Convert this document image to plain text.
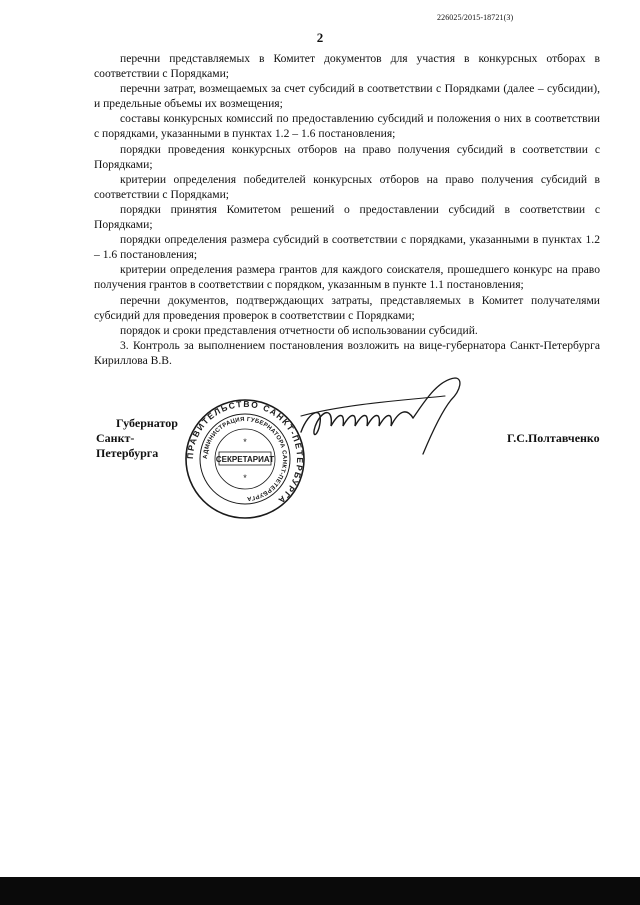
226025/2015-18721(3)
2
перечни представляемых в Комитет документов для участия в конкурсных отборах в соответствии с Порядками;
перечни затрат, возмещаемых за счет субсидий в соответствии с Порядками (далее – субсидии), и предельные объемы их возмещения;
составы конкурсных комиссий по предоставлению субсидий и положения о них в соответствии с порядками, указанными в пунктах 1.2 – 1.6 постановления;
порядки проведения конкурсных отборов на право получения субсидий в соответствии с Порядками;
критерии определения победителей конкурсных отборов на право получения субсидий в соответствии с Порядками;
порядки принятия Комитетом решений о предоставлении субсидий в соответствии с Порядками;
порядки определения размера субсидий в соответствии с порядками, указанными в пунктах 1.2 – 1.6 постановления;
критерии определения размера грантов для каждого соискателя, прошедшего конкурс на право получения грантов в соответствии с порядком, указанным в пункте 1.1 постановления;
перечни документов, подтверждающих затраты, представляемых в Комитет получателями субсидий для проведения проверок в соответствии с Порядками;
порядок и сроки представления отчетности об использовании субсидий.
3. Контроль за выполнением постановления возложить на вице-губернатора Санкт-Петербурга Кириллова В.В.
Губернатор
Санкт-Петербурга
Г.С.Полтавченко
ПРАВИТЕЛЬСТВО САНКТ-ПЕТЕРБУРГА
АДМИНИСТРАЦИЯ ГУБЕРНАТОРА САНКТ-ПЕТЕРБУРГА
СЕКРЕТАРИАТ
*
*
